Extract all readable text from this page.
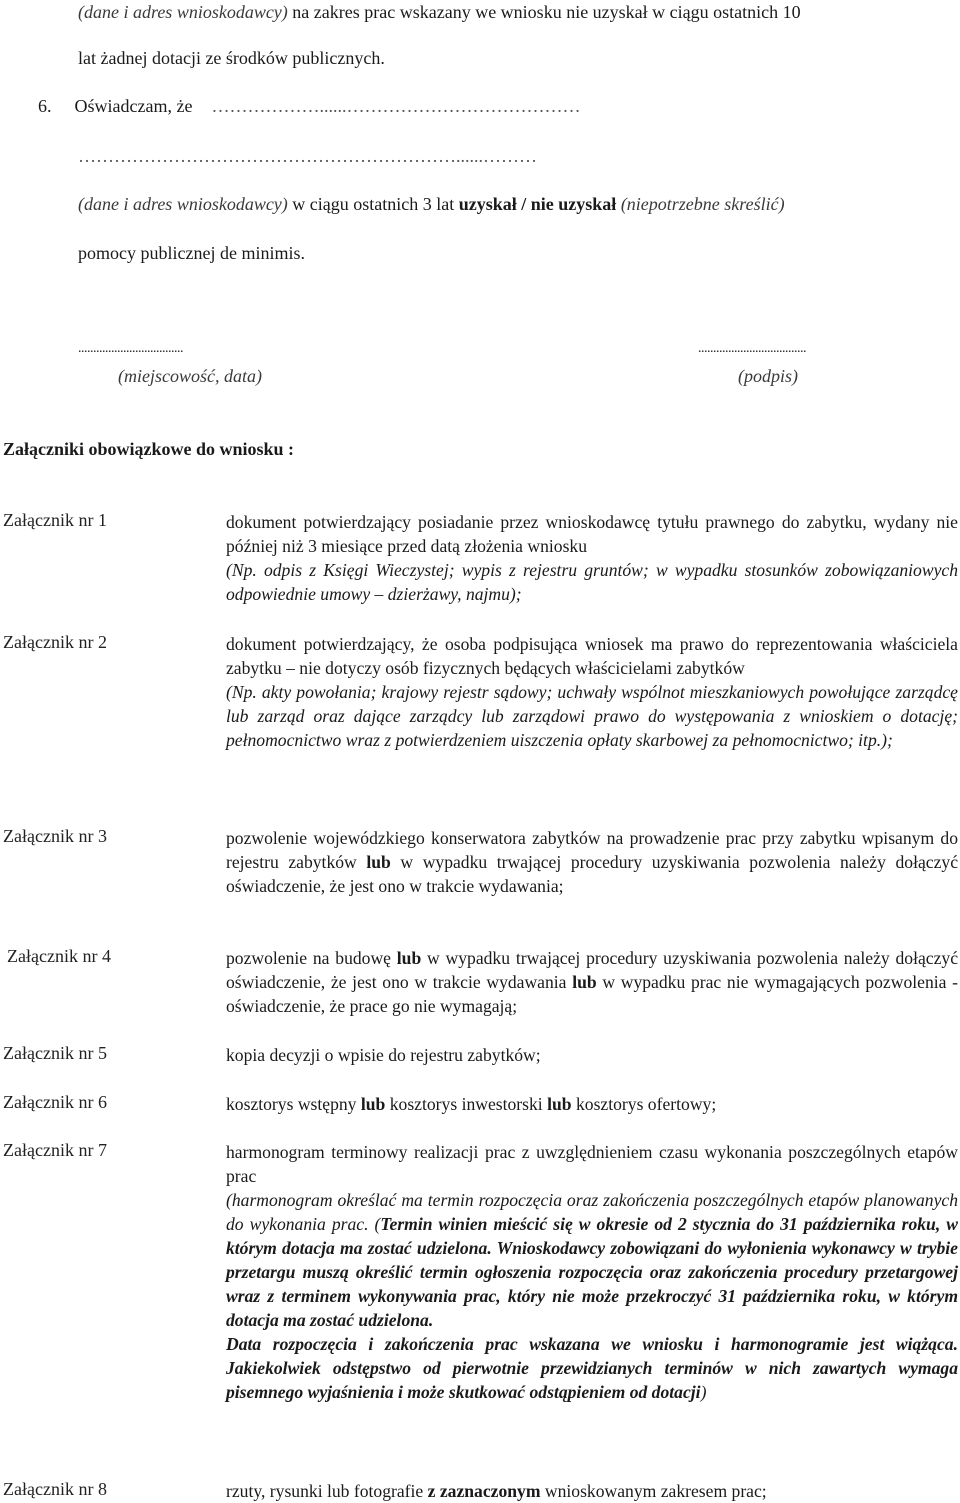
(dane i adres wnioskodawcy) na zakres prac wskazany we wniosku nie uzyskał w ciągu ostatnich 10
lat żadnej dotacji ze środków publicznych.
6. Oświadczam, że ………………......…………………………………
………………………………………………………......………
(dane i adres wnioskodawcy) w ciągu ostatnich 3 lat uzyskał / nie uzyskał (niepotrzebne skreślić)
pomocy publicznej de minimis.
...................................
(miejscowość, data)
....................................
(podpis)
Załączniki obowiązkowe do wniosku :
Załącznik nr 1	dokument potwierdzający posiadanie przez wnioskodawcę tytułu prawnego do zabytku, wydany nie później niż 3 miesiące przed datą złożenia wniosku

(Np. odpis z Księgi Wieczystej; wypis z rejestru gruntów; w wypadku stosunków zobowiązaniowych odpowiednie umowy – dzierżawy, najmu);

Załącznik nr 2	dokument potwierdzający, że osoba podpisująca wniosek ma prawo do reprezentowania właściciela zabytku – nie dotyczy osób fizycznych będących właścicielami zabytków

(Np. akty powołania; krajowy rejestr sądowy; uchwały wspólnot mieszkaniowych powołujące zarządcę lub zarząd oraz dające zarządcy lub zarządowi prawo do występowania z wnioskiem o dotację; pełnomocnictwo wraz z potwierdzeniem uiszczenia opłaty skarbowej za pełnomocnictwo; itp.);

Załącznik nr 3	pozwolenie wojewódzkiego konserwatora zabytków na prowadzenie prac przy zabytku wpisanym do rejestru zabytków lub w wypadku trwającej procedury uzyskiwania pozwolenia należy dołączyć oświadczenie, że jest ono w trakcie wydawania;

Załącznik nr 4	pozwolenie na budowę lub w wypadku trwającej procedury uzyskiwania pozwolenia należy dołączyć oświadczenie, że jest ono w trakcie wydawania lub w wypadku prac nie wymagających pozwolenia - oświadczenie, że prace go nie wymagają;

Załącznik nr 5	kopia decyzji o wpisie do rejestru zabytków;

Załącznik nr 6	kosztorys wstępny lub kosztorys inwestorski lub kosztorys ofertowy;

Załącznik nr 7	harmonogram terminowy realizacji prac z uwzględnieniem czasu wykonania poszczególnych etapów prac

(harmonogram określać ma termin rozpoczęcia oraz zakończenia poszczególnych etapów planowanych do wykonania prac. (Termin winien mieścić się w okresie od 2 stycznia do 31 października roku, w którym dotacja ma zostać udzielona. Wnioskodawcy zobowiązani do wyłonienia wykonawcy w trybie przetargu muszą określić termin ogłoszenia rozpoczęcia oraz zakończenia procedury przetargowej wraz z terminem wykonywania prac, który nie może przekroczyć 31 października roku, w którym dotacja ma zostać udzielona.

Data rozpoczęcia i zakończenia prac wskazana we wniosku i harmonogramie jest wiążąca. Jakiekolwiek odstępstwo od pierwotnie przewidzianych terminów w nich zawartych wymaga pisemnego wyjaśnienia i może skutkować odstąpieniem od dotacji)

Załącznik nr 8	rzuty, rysunki lub fotografie z zaznaczonym wnioskowanym zakresem prac;
